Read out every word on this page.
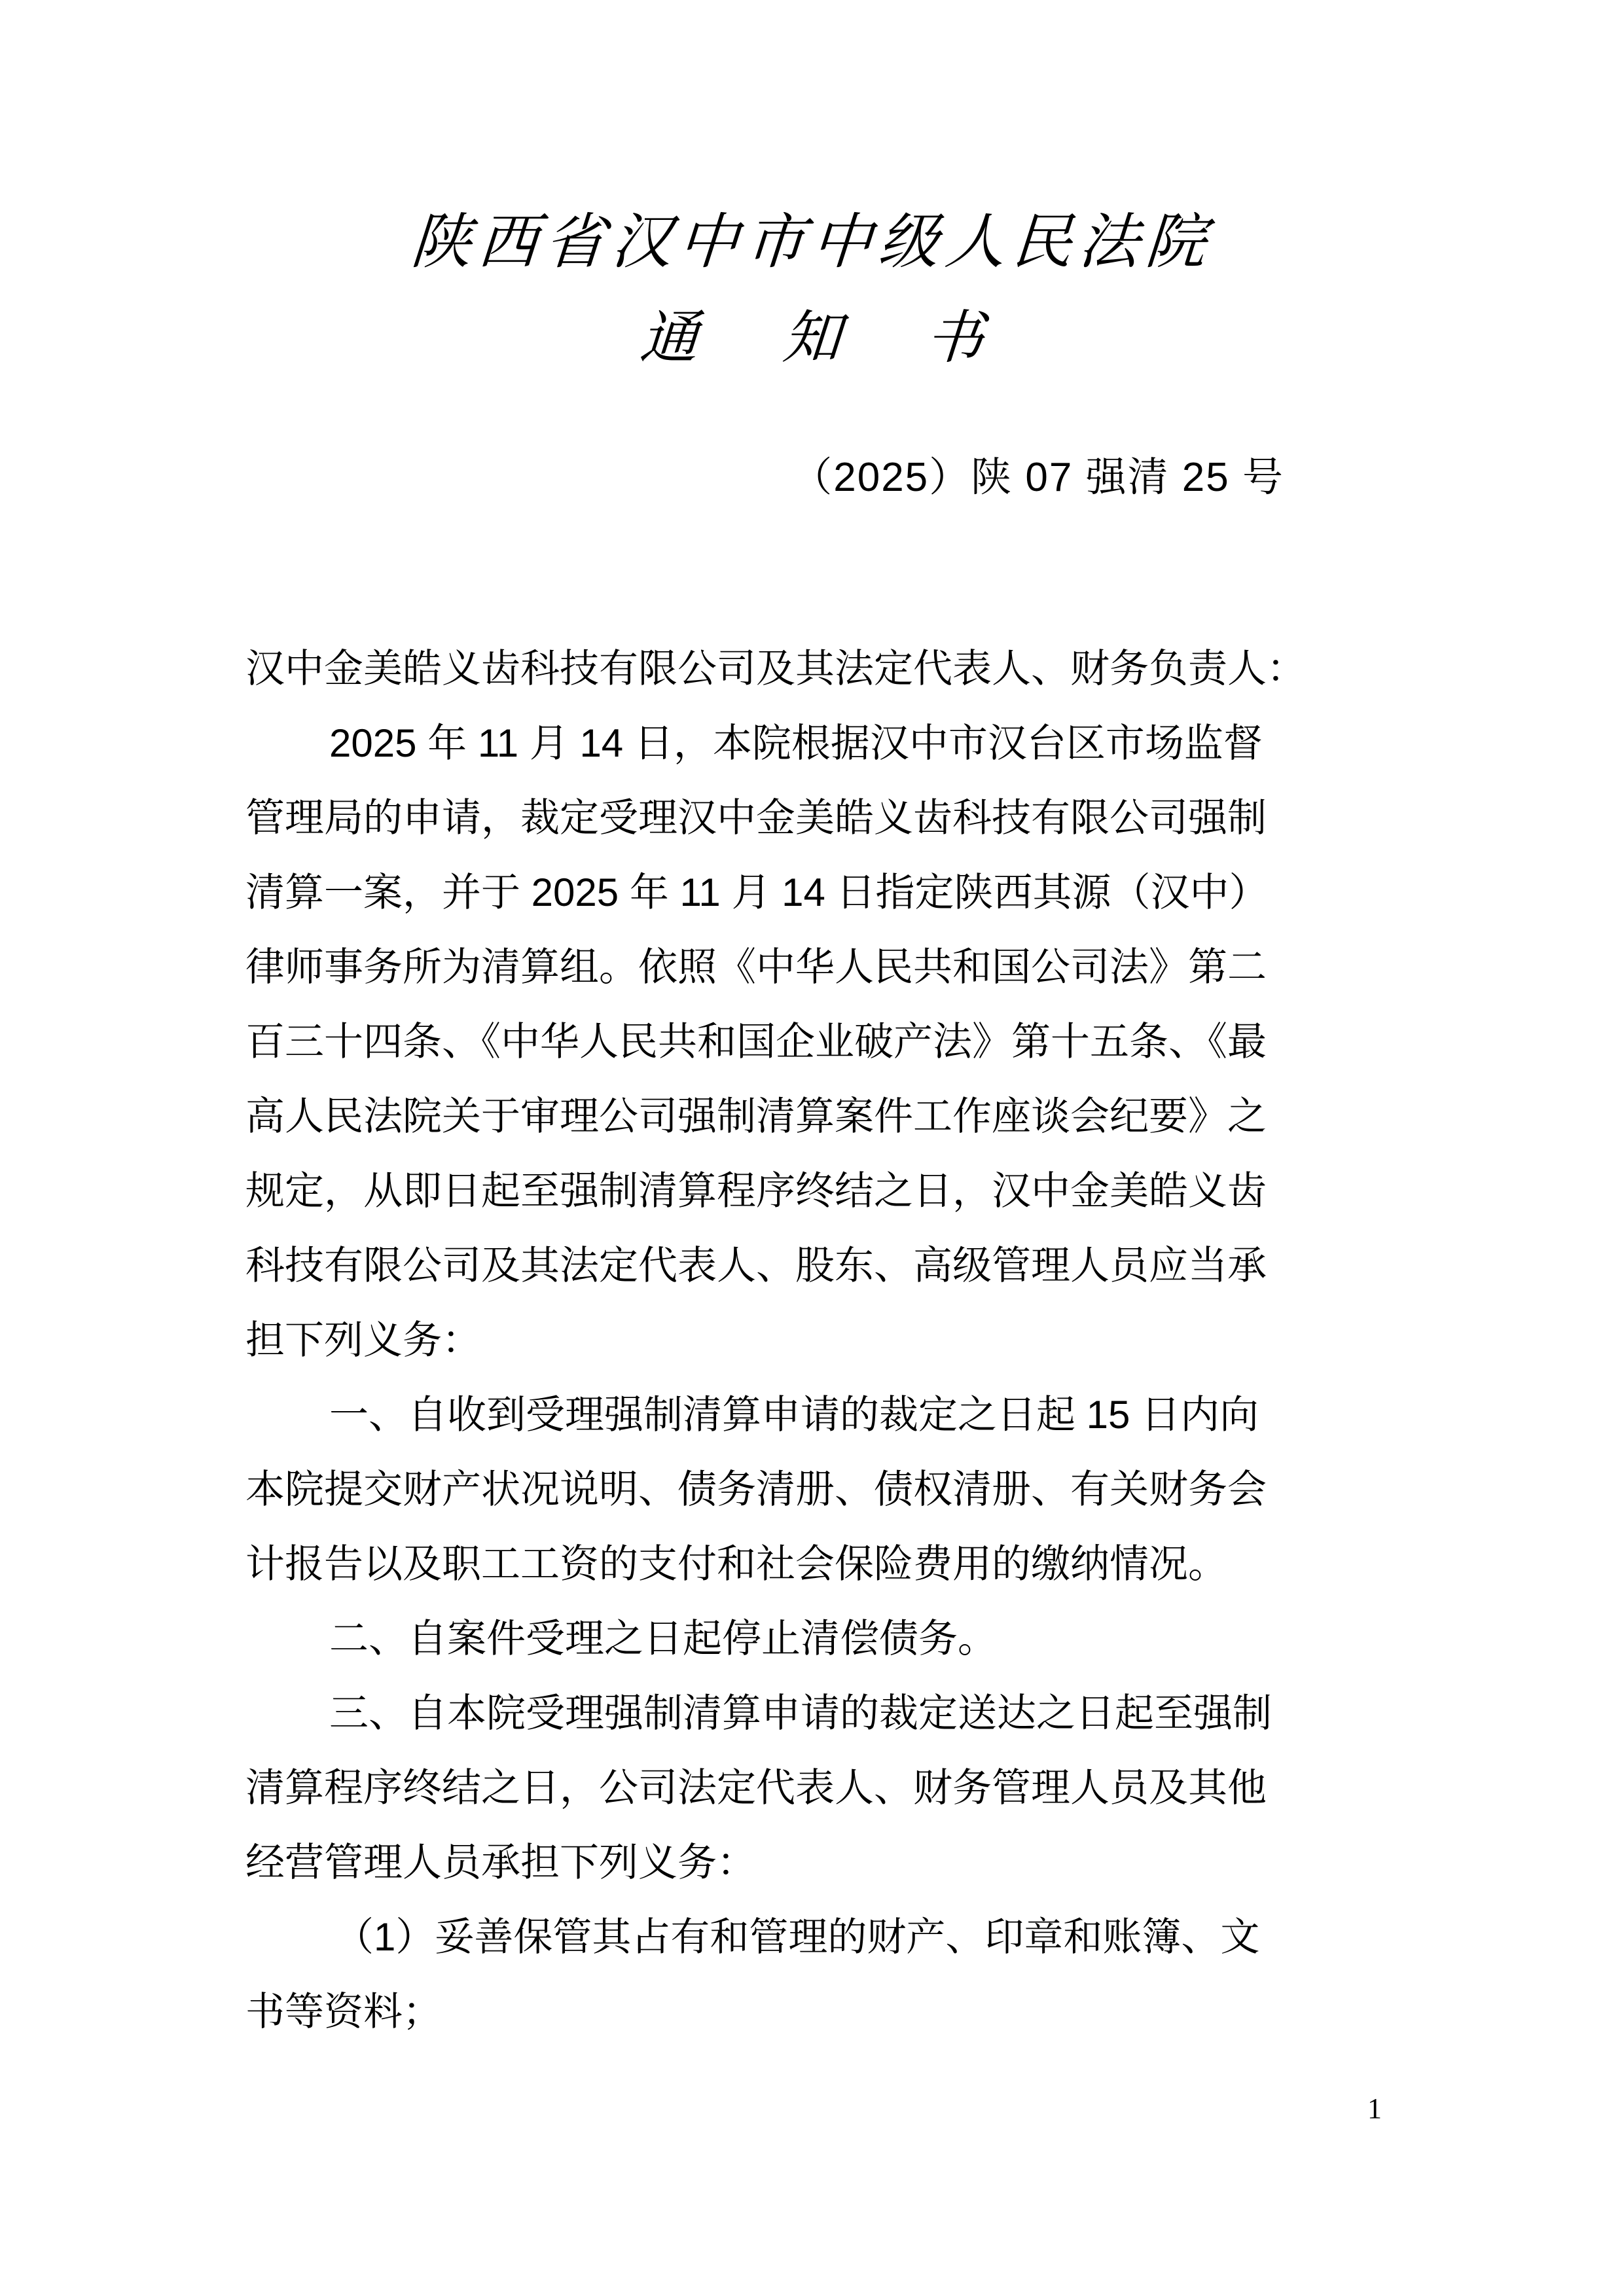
陕西省汉中市中级人民法院
通 知 书
（2025）陕 07 强清 25 号
汉中金美皓义齿科技有限公司及其法定代表人、财务负责人：
2025 年 11 月 14 日，本院根据汉中市汉台区市场监督
管理局的申请，裁定受理汉中金美皓义齿科技有限公司强制
清算一案，并于 2025 年 11 月 14 日指定陕西其源（汉中）
律师事务所为清算组。依照《中华人民共和国公司法》第二
百三十四条、《中华人民共和国企业破产法》第十五条、《最
高人民法院关于审理公司强制清算案件工作座谈会纪要》之
规定，从即日起至强制清算程序终结之日，汉中金美皓义齿
科技有限公司及其法定代表人、股东、高级管理人员应当承
担下列义务：
一、自收到受理强制清算申请的裁定之日起 15 日内向
本院提交财产状况说明、债务清册、债权清册、有关财务会
计报告以及职工工资的支付和社会保险费用的缴纳情况。
二、自案件受理之日起停止清偿债务。
三、自本院受理强制清算申请的裁定送达之日起至强制
清算程序终结之日，公司法定代表人、财务管理人员及其他
经营管理人员承担下列义务：
（1）妥善保管其占有和管理的财产、印章和账簿、文
书等资料；
1
